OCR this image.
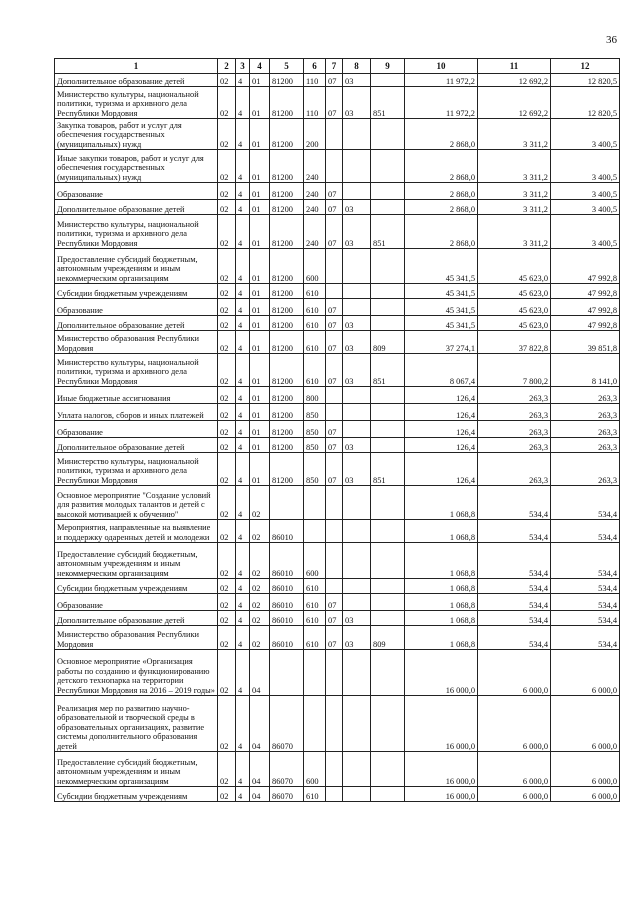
36
1	2	3	4	5	6	7	8	9	10	11	12
Дополнительное образование детей	02	4	01	81200	110	07	03		11 972,2	12 692,2	12 820,5
Министерство культуры, национальной политики, туризма и архивного дела Республики Мордовия	02	4	01	81200	110	07	03	851	11 972,2	12 692,2	12 820,5
Закупка товаров, работ и услуг для обеспечения государственных (муниципальных) нужд	02	4	01	81200	200				2 868,0	3 311,2	3 400,5
Иные закупки товаров, работ и услуг для обеспечения государственных (муниципальных) нужд	02	4	01	81200	240				2 868,0	3 311,2	3 400,5
Образование	02	4	01	81200	240	07			2 868,0	3 311,2	3 400,5
Дополнительное образование детей	02	4	01	81200	240	07	03		2 868,0	3 311,2	3 400,5
Министерство культуры, национальной политики, туризма и архивного дела Республики Мордовия	02	4	01	81200	240	07	03	851	2 868,0	3 311,2	3 400,5
Предоставление субсидий бюджетным, автономным учреждениям и иным некоммерческим организациям	02	4	01	81200	600				45 341,5	45 623,0	47 992,8
Субсидии бюджетным учреждениям	02	4	01	81200	610				45 341,5	45 623,0	47 992,8
Образование	02	4	01	81200	610	07			45 341,5	45 623,0	47 992,8
Дополнительное образование детей	02	4	01	81200	610	07	03		45 341,5	45 623,0	47 992,8
Министерство образования Республики Мордовия	02	4	01	81200	610	07	03	809	37 274,1	37 822,8	39 851,8
Министерство культуры, национальной политики, туризма и архивного дела Республики Мордовия	02	4	01	81200	610	07	03	851	8 067,4	7 800,2	8 141,0
Иные бюджетные ассигнования	02	4	01	81200	800				126,4	263,3	263,3
Уплата налогов, сборов и иных платежей	02	4	01	81200	850				126,4	263,3	263,3
Образование	02	4	01	81200	850	07			126,4	263,3	263,3
Дополнительное образование детей	02	4	01	81200	850	07	03		126,4	263,3	263,3
Министерство культуры, национальной политики, туризма и архивного дела Республики Мордовия	02	4	01	81200	850	07	03	851	126,4	263,3	263,3
Основное мероприятие "Создание условий для развития молодых талантов и детей с высокой мотивацией к обучению"	02	4	02						1 068,8	534,4	534,4
Мероприятия, направленные на выявление и поддержку одаренных детей и молодежи	02	4	02	86010					1 068,8	534,4	534,4
Предоставление субсидий бюджетным, автономным учреждениям и иным некоммерческим организациям	02	4	02	86010	600				1 068,8	534,4	534,4
Субсидии бюджетным учреждениям	02	4	02	86010	610				1 068,8	534,4	534,4
Образование	02	4	02	86010	610	07			1 068,8	534,4	534,4
Дополнительное образование детей	02	4	02	86010	610	07	03		1 068,8	534,4	534,4
Министерство образования Республики Мордовия	02	4	02	86010	610	07	03	809	1 068,8	534,4	534,4
Основное мероприятие «Организация работы по созданию и функционированию детского технопарка на территории Республики Мордовия на 2016 – 2019 годы»	02	4	04						16 000,0	6 000,0	6 000,0
Реализация мер по развитию научно-образовательной и творческой среды в образовательных организациях, развитие системы дополнительного образования детей	02	4	04	86070					16 000,0	6 000,0	6 000,0
Предоставление субсидий бюджетным, автономным учреждениям и иным некоммерческим организациям	02	4	04	86070	600				16 000,0	6 000,0	6 000,0
Субсидии бюджетным учреждениям	02	4	04	86070	610				16 000,0	6 000,0	6 000,0
